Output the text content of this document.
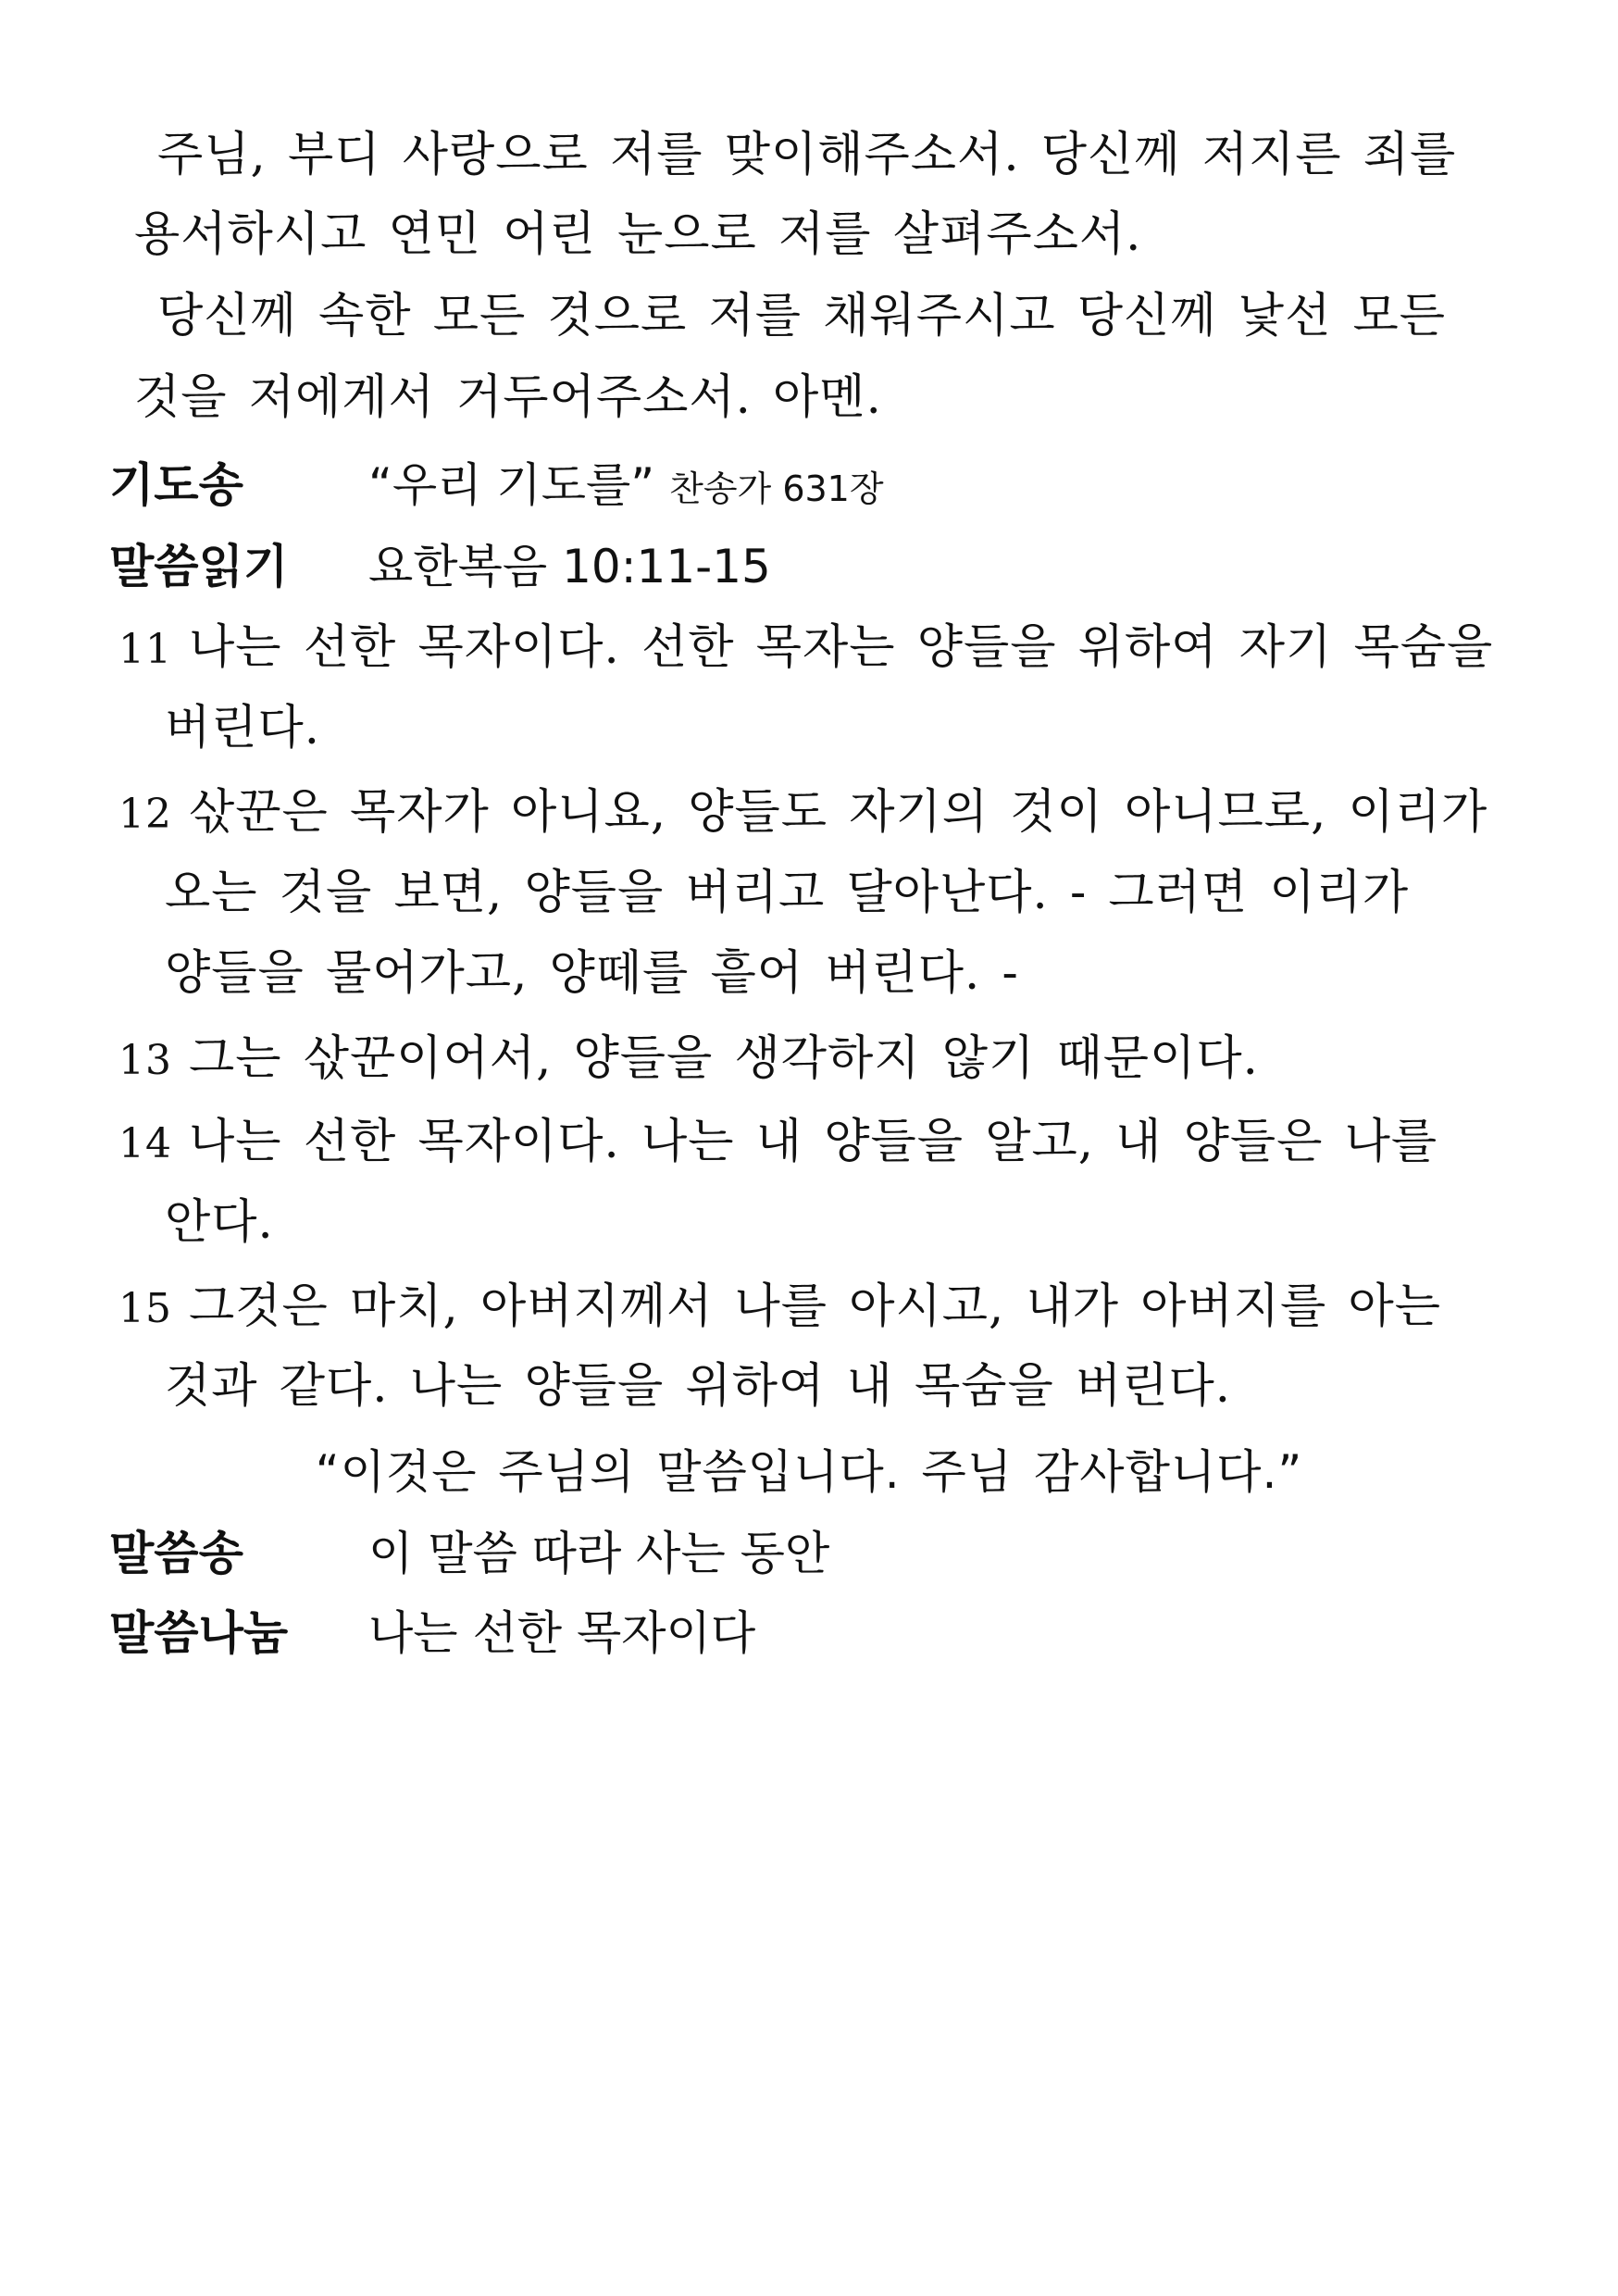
주님, 부디 사랑으로 저를 맞이해주소서. 당신께 저지른 죄를
용서하시고 연민 어린 눈으로 저를 살펴주소서.
당신께 속한 모든 것으로 저를 채워주시고 당신께 낯선 모든
것을 저에게서 거두어주소서. 아멘.
기도송	“우리 기도를” 찬송가 631장
말씀읽기 요한복음 10:11-15
11 나는 선한 목자이다. 선한 목자는 양들을 위하여 자기 목숨을
버린다.
12 삯꾼은 목자가 아니요, 양들도 자기의 것이 아니므로, 이리가
오는 것을 보면, 양들을 버리고 달아난다. - 그러면 이리가
양들을 물어가고, 양떼를 흩어 버린다. -
13 그는 삯꾼이어서, 양들을 생각하지 않기 때문이다.
14 나는 선한 목자이다. 나는 내 양들을 알고, 내 양들은 나를
안다.
15 그것은 마치, 아버지께서 나를 아시고, 내가 아버지를 아는
것과 같다. 나는 양들을 위하여 내 목숨을 버린다.
“이것은 주님의 말씀입니다. 주님 감사합니다.”
말씀송	이 말씀 따라 사는 동안
말씀나눔 나는 선한 목자이다
